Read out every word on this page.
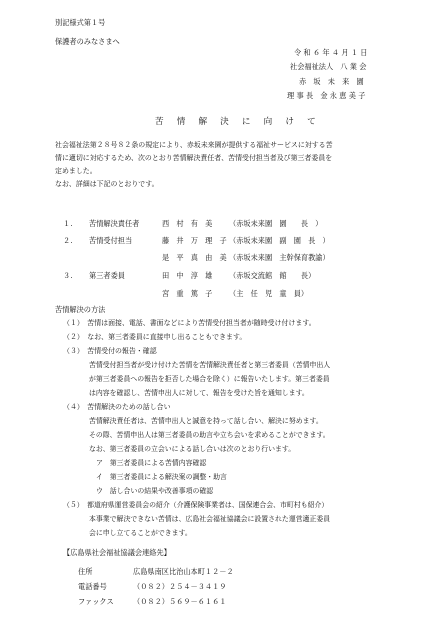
別記様式第１号
保護者のみなさまへ
令 和 ６ 年 ４ 月 １ 日
社会福祉法人　八 業 会
赤　坂　未　来　園
理 事 長　金 永 恵 美 子
苦 情 解 決 に 向 け て
社会福祉法第２８号８２条の規定により、赤坂未来園が提供する福祉サービスに対する苦
情に適切に対応するため、次のとおり苦情解決責任者、苦情受付担当者及び第三者委員を
定めました。
なお、詳細は下記のとおりです。
１. 苦情解決責任者	西　村　有　美 （赤坂未来園　園　　長　）
２. 苦情受付担当	藤　井　万　理　子 （赤坂未来園　副　園　長　）
是　平　真　由　美 （赤坂未来園　主幹保育教諭）
３. 第三者委員	田　中　淳　雄 （赤坂交流館　館　　長）
宮　重　篤　子 （主　任　児　童　員）
苦情解決の方法
（１）　苦情は面接、電話、書面などにより苦情受付担当者が随時受け付けます。
（２）　なお、第三者委員に直接申し出ることもできます。
（３）　苦情受付の報告・確認
苦情受付担当者が受け付けた苦情を苦情解決責任者と第三者委員（苦情申出人
が第三者委員への報告を拒否した場合を除く）に報告いたします。第三者委員
は内容を確認し、苦情申出人に対して、報告を受けた旨を通知します。
（４）　苦情解決のための話し合い
苦情解決責任者は、苦情申出人と誠意を持って話し合い、解決に努めます。
その際、苦情申出人は第三者委員の助言や立ち会いを求めることができます。
なお、第三者委員の立会いによる話し合いは次のとおり行います。
ア　第三者委員による苦情内容確認
イ　第三者委員による解決案の調整・助言
ウ　話し合いの結果や改善事項の確認
（５）　都道府県運営委員会の紹介（介護保険事業者は、国保連合会、市町村も紹介）
本事業で解決できない苦情は、広島社会福祉協議会に設置された運営適正委員
会に申し立てることができます。
【広島県社会福祉協議会連絡先】
住所	広島県南区比治山本町１２－２
電話番号	（０８２）２５４－３４１９
ファックス	（０８２）５６９－６１６１
